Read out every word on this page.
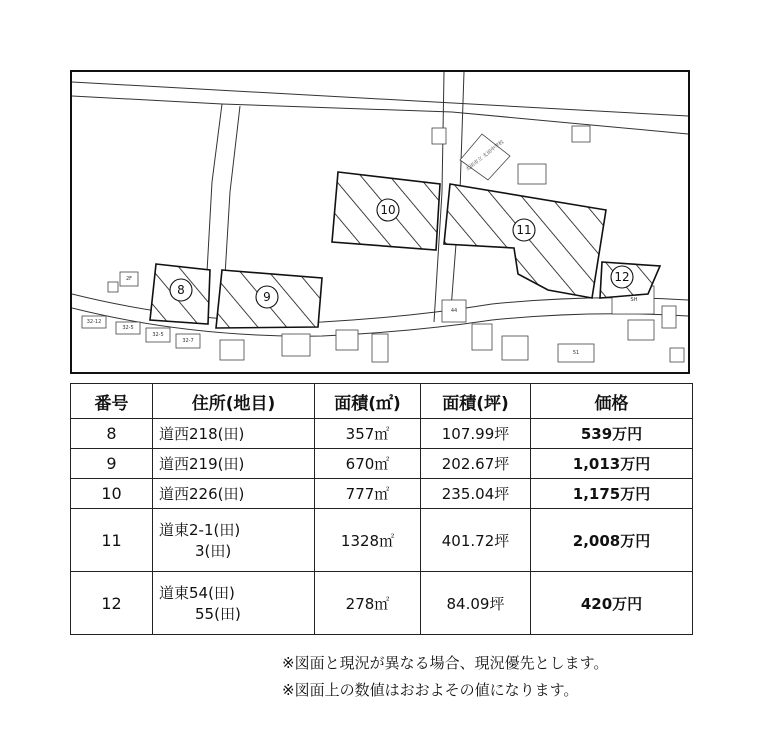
2F
32-12
32-5
32-5
32-7
44
SH
51
太田市立 太田中学校
8	9
10
11
12
番号	住所(地目)	面積(㎡)	面積(坪)	価格
8	道西218(田)	357㎡	107.99坪	539万円
9	道西219(田)	670㎡	202.67坪	1,013万円
10	道西226(田)	777㎡	235.04坪	1,175万円
11	道東2-1(田)
3(田)	1328㎡	401.72坪	2,008万円
12	道東54(田)
55(田)	278㎡	84.09坪	420万円
※図面と現況が異なる場合、現況優先とします。
※図面上の数値はおおよその値になります。
